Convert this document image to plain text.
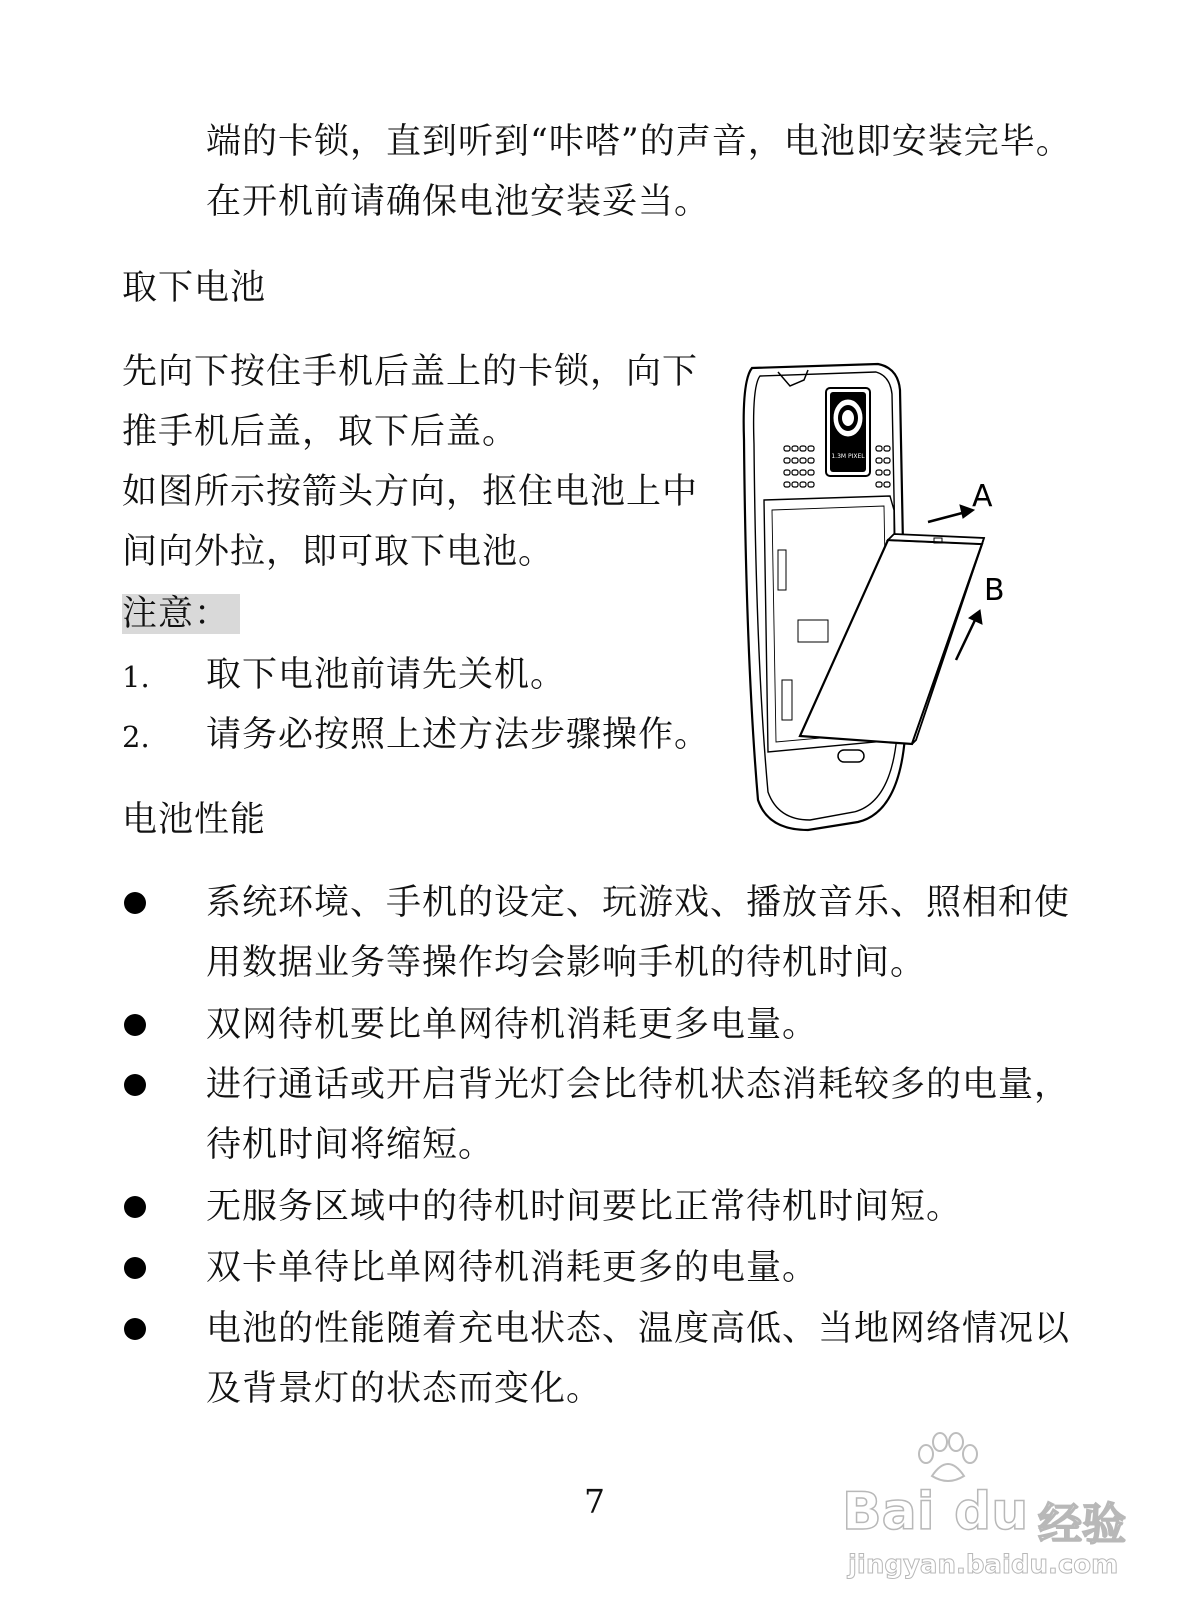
端的卡锁，直到听到“咔嗒”的声音，电池即安装完毕。
在开机前请确保电池安装妥当。
取下电池
先向下按住手机后盖上的卡锁，向下
推手机后盖，取下后盖。
如图所示按箭头方向，抠住电池上中
间向外拉，即可取下电池。
注意：
1. 取下电池前请先关机。
2. 请务必按照上述方法步骤操作。
1.3M PIXEL
A
B
电池性能
系统环境、手机的设定、玩游戏、播放音乐、照相和使
用数据业务等操作均会影响手机的待机时间。
双网待机要比单网待机消耗更多电量。
进行通话或开启背光灯会比待机状态消耗较多的电量，
待机时间将缩短。
无服务区域中的待机时间要比正常待机时间短。
双卡单待比单网待机消耗更多的电量。
电池的性能随着充电状态、温度高低、当地网络情况以
及背景灯的状态而变化。
7	Bai du 经验
jingyan.baidu.com
